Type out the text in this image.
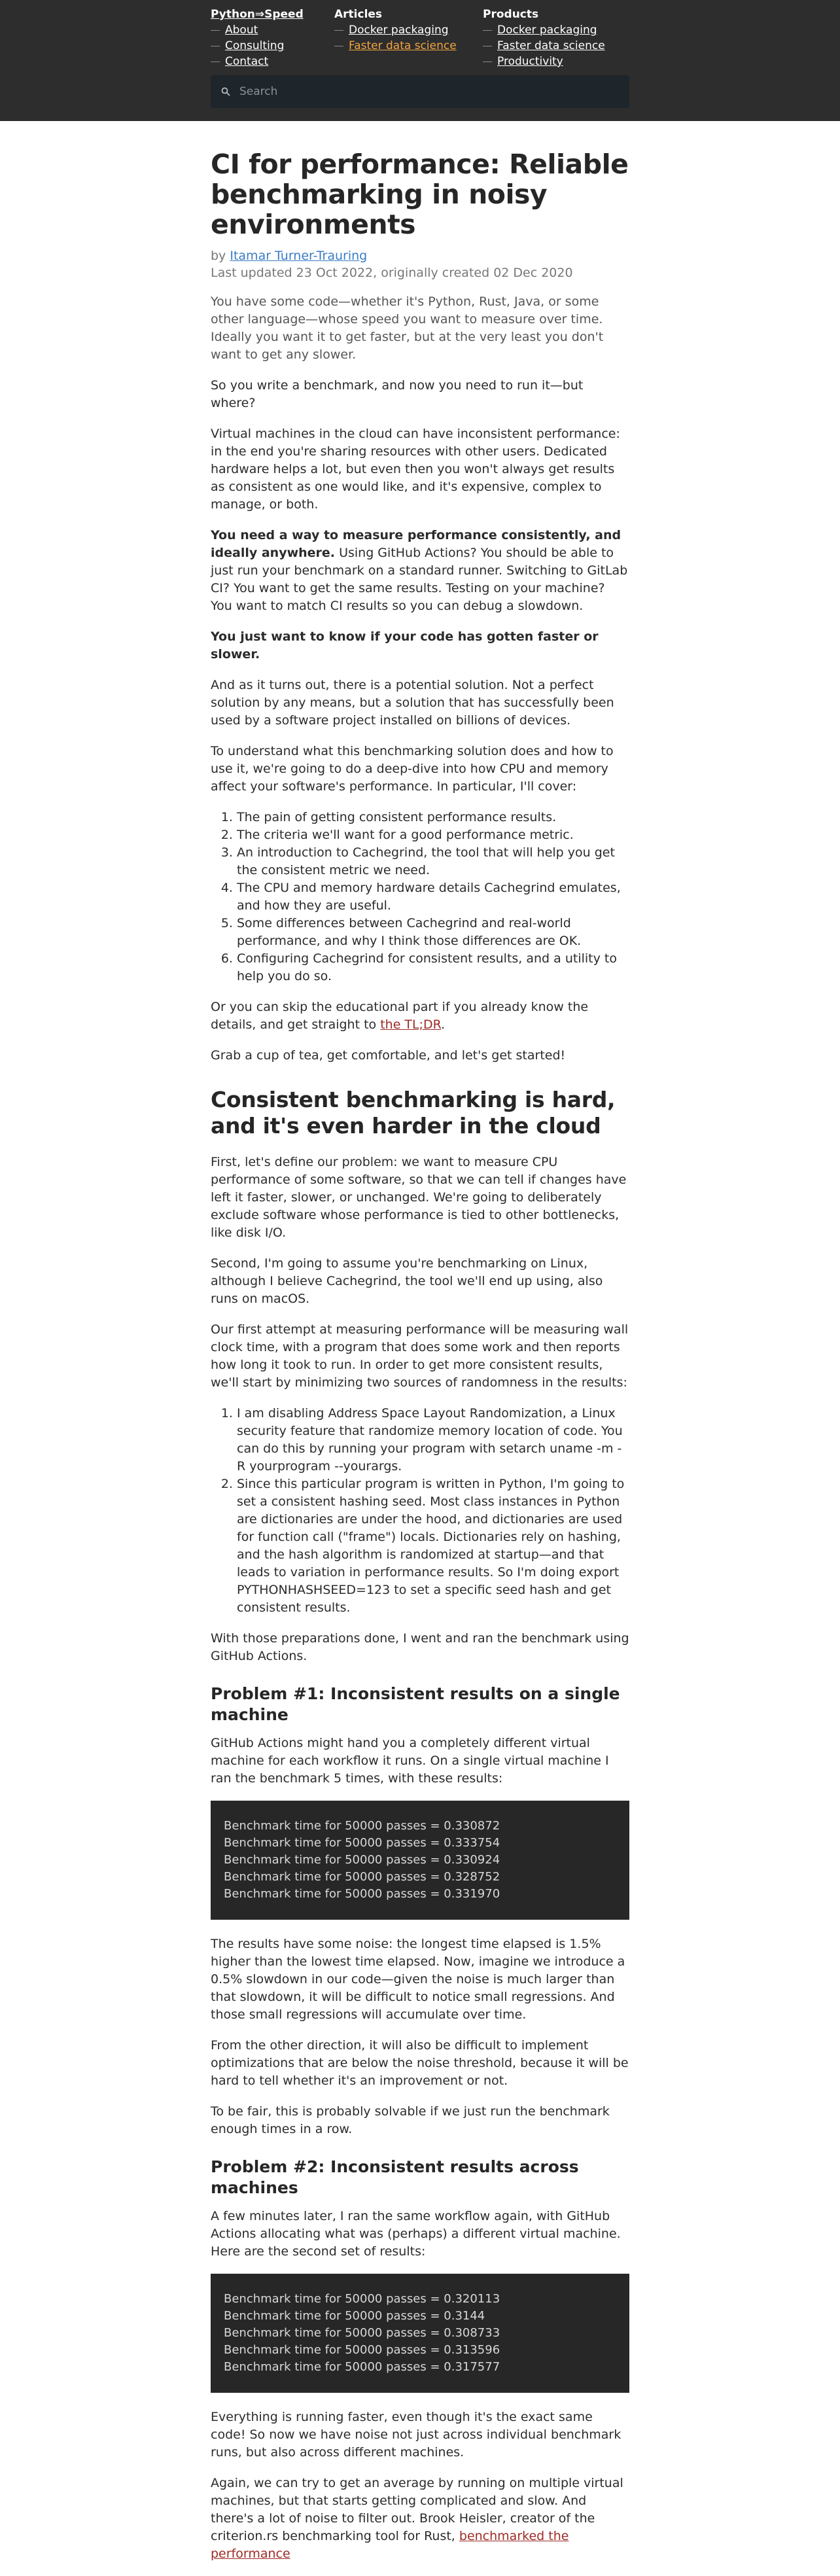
Python⇒Speed
About
Consulting
Contact
Articles
Docker packaging
Faster data science
Products
Docker packaging
Faster data science
Productivity
Search
CI for performance: Reliable benchmarking in noisy environments
by Itamar Turner-Trauring
Last updated 23 Oct 2022, originally created 02 Dec 2020

You have some code—whether it's Python, Rust, Java, or some other language—whose speed you want to measure over time. Ideally you want it to get faster, but at the very least you don't want to get any slower.

So you write a benchmark, and now you need to run it—but where?

Virtual machines in the cloud can have inconsistent performance: in the end you're sharing resources with other users. Dedicated hardware helps a lot, but even then you won't always get results as consistent as one would like, and it's expensive, complex to manage, or both.

You need a way to measure performance consistently, and ideally anywhere. Using GitHub Actions? You should be able to just run your benchmark on a standard runner. Switching to GitLab CI? You want to get the same results. Testing on your machine? You want to match CI results so you can debug a slowdown.

You just want to know if your code has gotten faster or slower.

And as it turns out, there is a potential solution. Not a perfect solution by any means, but a solution that has successfully been used by a software project installed on billions of devices.

To understand what this benchmarking solution does and how to use it, we're going to do a deep-dive into how CPU and memory affect your software's performance. In particular, I'll cover:

1. The pain of getting consistent performance results.
2. The criteria we'll want for a good performance metric.
3. An introduction to Cachegrind, the tool that will help you get the consistent metric we need.
4. The CPU and memory hardware details Cachegrind emulates, and how they are useful.
5. Some differences between Cachegrind and real-world performance, and why I think those differences are OK.
6. Configuring Cachegrind for consistent results, and a utility to help you do so.

Or you can skip the educational part if you already know the details, and get straight to the TL;DR.

Grab a cup of tea, get comfortable, and let's get started!

Consistent benchmarking is hard, and it's even harder in the cloud

First, let's define our problem: we want to measure CPU performance of some software, so that we can tell if changes have left it faster, slower, or unchanged. We're going to deliberately exclude software whose performance is tied to other bottlenecks, like disk I/O.

Second, I'm going to assume you're benchmarking on Linux, although I believe Cachegrind, the tool we'll end up using, also runs on macOS.

Our first attempt at measuring performance will be measuring wall clock time, with a program that does some work and then reports how long it took to run. In order to get more consistent results, we'll start by minimizing two sources of randomness in the results:

1. I am disabling Address Space Layout Randomization, a Linux security feature that randomize memory location of code. You can do this by running your program with setarch uname -m -R yourprogram --yourargs.
2. Since this particular program is written in Python, I'm going to set a consistent hashing seed. Most class instances in Python are dictionaries are under the hood, and dictionaries are used for function call ("frame") locals. Dictionaries rely on hashing, and the hash algorithm is randomized at startup—and that leads to variation in performance results. So I'm doing export PYTHONHASHSEED=123 to set a specific seed hash and get consistent results.

With those preparations done, I went and ran the benchmark using GitHub Actions.

Problem #1: Inconsistent results on a single machine

GitHub Actions might hand you a completely different virtual machine for each workflow it runs. On a single virtual machine I ran the benchmark 5 times, with these results:

Benchmark time for 50000 passes = 0.330872
Benchmark time for 50000 passes = 0.333754
Benchmark time for 50000 passes = 0.330924
Benchmark time for 50000 passes = 0.328752
Benchmark time for 50000 passes = 0.331970

The results have some noise: the longest time elapsed is 1.5% higher than the lowest time elapsed. Now, imagine we introduce a 0.5% slowdown in our code—given the noise is much larger than that slowdown, it will be difficult to notice small regressions. And those small regressions will accumulate over time.

From the other direction, it will also be difficult to implement optimizations that are below the noise threshold, because it will be hard to tell whether it's an improvement or not.

To be fair, this is probably solvable if we just run the benchmark enough times in a row.

Problem #2: Inconsistent results across machines

A few minutes later, I ran the same workflow again, with GitHub Actions allocating what was (perhaps) a different virtual machine. Here are the second set of results:

Benchmark time for 50000 passes = 0.320113
Benchmark time for 50000 passes = 0.3144
Benchmark time for 50000 passes = 0.308733
Benchmark time for 50000 passes = 0.313596
Benchmark time for 50000 passes = 0.317577

Everything is running faster, even though it's the exact same code! So now we have noise not just across individual benchmark runs, but also across different machines.

Again, we can try to get an average by running on multiple virtual machines, but that starts getting complicated and slow. And there's a lot of noise to filter out. Brook Heisler, creator of the criterion.rs benchmarking tool for Rust, benchmarked the performance
